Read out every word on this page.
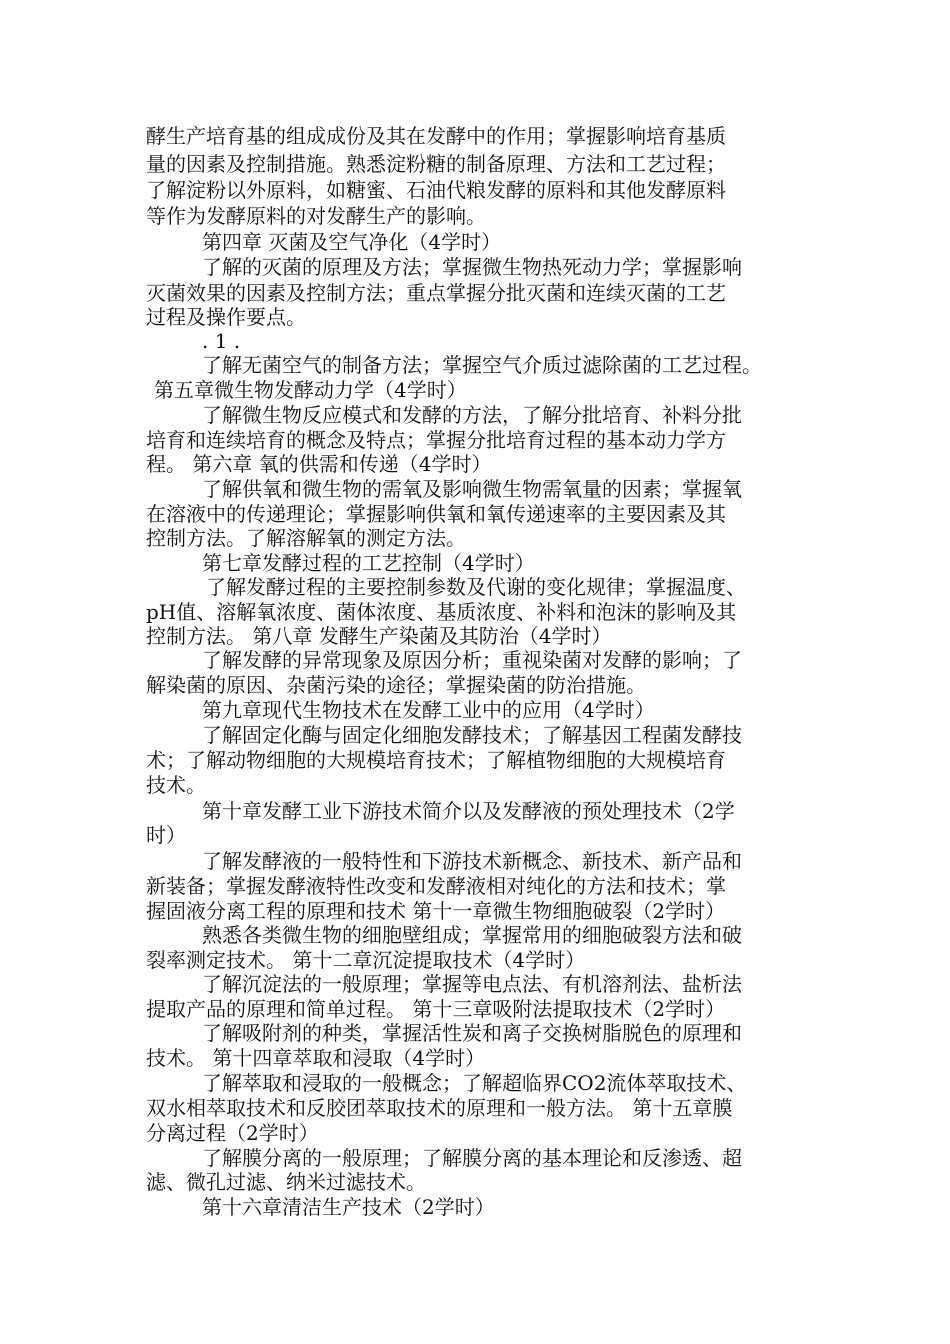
酵生产培育基的组成成份及其在发酵中的作用；掌握影响培育基质
量的因素及控制措施。熟悉淀粉糖的制备原理、方法和工艺过程；
了解淀粉以外原料，如糖蜜、石油代粮发酵的原料和其他发酵原料
等作为发酵原料的对发酵生产的影响。
第四章 灭菌及空气净化（4学时）
了解的灭菌的原理及方法；掌握微生物热死动力学；掌握影响
灭菌效果的因素及控制方法；重点掌握分批灭菌和连续灭菌的工艺
过程及操作要点。
. 1 .
了解无菌空气的制备方法；掌握空气介质过滤除菌的工艺过程。
第五章微生物发酵动力学（4学时）
了解微生物反应模式和发酵的方法，了解分批培育、补料分批
培育和连续培育的概念及特点；掌握分批培育过程的基本动力学方
程。 第六章 氧的供需和传递（4学时）
了解供氧和微生物的需氧及影响微生物需氧量的因素；掌握氧
在溶液中的传递理论；掌握影响供氧和氧传递速率的主要因素及其
控制方法。了解溶解氧的测定方法。
第七章发酵过程的工艺控制（4学时）
了解发酵过程的主要控制参数及代谢的变化规律；掌握温度、
pH值、溶解氧浓度、菌体浓度、基质浓度、补料和泡沫的影响及其
控制方法。 第八章 发酵生产染菌及其防治（4学时）
了解发酵的异常现象及原因分析；重视染菌对发酵的影响；了
解染菌的原因、杂菌污染的途径；掌握染菌的防治措施。
第九章现代生物技术在发酵工业中的应用（4学时）
了解固定化酶与固定化细胞发酵技术；了解基因工程菌发酵技
术；了解动物细胞的大规模培育技术；了解植物细胞的大规模培育
技术。
第十章发酵工业下游技术简介以及发酵液的预处理技术（2学
时）
了解发酵液的一般特性和下游技术新概念、新技术、新产品和
新装备；掌握发酵液特性改变和发酵液相对纯化的方法和技术；掌
握固液分离工程的原理和技术 第十一章微生物细胞破裂（2学时）
熟悉各类微生物的细胞壁组成；掌握常用的细胞破裂方法和破
裂率测定技术。 第十二章沉淀提取技术（4学时）
了解沉淀法的一般原理；掌握等电点法、有机溶剂法、盐析法
提取产品的原理和简单过程。 第十三章吸附法提取技术（2学时）
了解吸附剂的种类，掌握活性炭和离子交换树脂脱色的原理和
技术。 第十四章萃取和浸取（4学时）
了解萃取和浸取的一般概念；了解超临界CO2流体萃取技术、
双水相萃取技术和反胶团萃取技术的原理和一般方法。 第十五章膜
分离过程（2学时）
了解膜分离的一般原理；了解膜分离的基本理论和反渗透、超
滤、微孔过滤、纳米过滤技术。
第十六章清洁生产技术（2学时）
